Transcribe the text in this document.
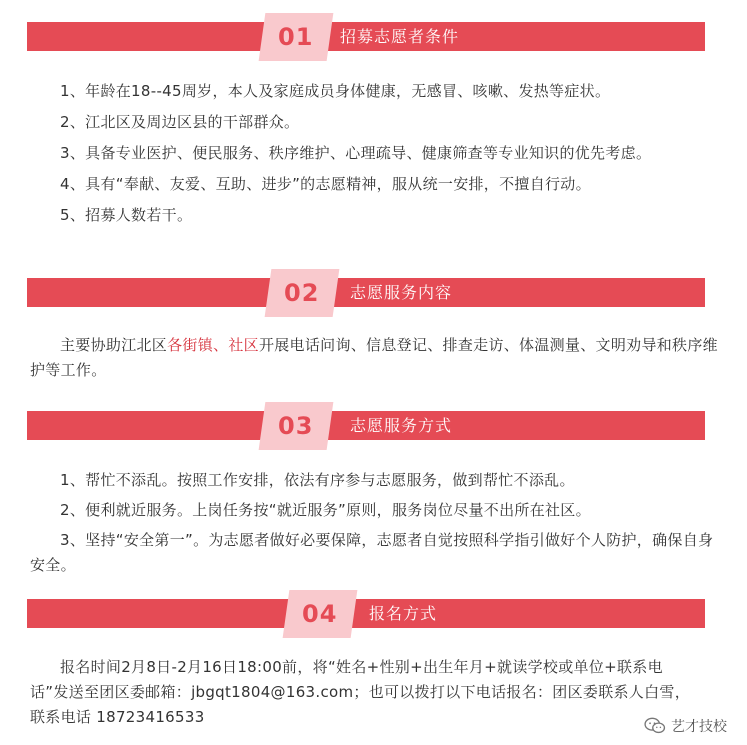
01 招募志愿者条件

1、年龄在18--45周岁，本人及家庭成员身体健康，无感冒、咳嗽、发热等症状。

2、江北区及周边区县的干部群众。

3、具备专业医护、便民服务、秩序维护、心理疏导、健康筛查等专业知识的优先考虑。

4、具有“奉献、友爱、互助、进步”的志愿精神，服从统一安排，不擅自行动。

5、招募人数若干。

02 志愿服务内容

主要协助江北区各街镇、社区开展电话问询、信息登记、排查走访、体温测量、文明劝导和秩序维护等工作。

03 志愿服务方式

1、帮忙不添乱。按照工作安排，依法有序参与志愿服务，做到帮忙不添乱。

2、便利就近服务。上岗任务按“就近服务”原则，服务岗位尽量不出所在社区。

3、坚持“安全第一”。为志愿者做好必要保障，志愿者自觉按照科学指引做好个人防护，确保自身安全。

04 报名方式

报名时间2月8日-2月16日18:00前，将“姓名+性别+出生年月+就读学校或单位+联系电话”发送至团区委邮箱：jbgqt1804@163.com；也可以拨打以下电话报名：团区委联系人白雪，联系电话 18723416533

艺才技校
